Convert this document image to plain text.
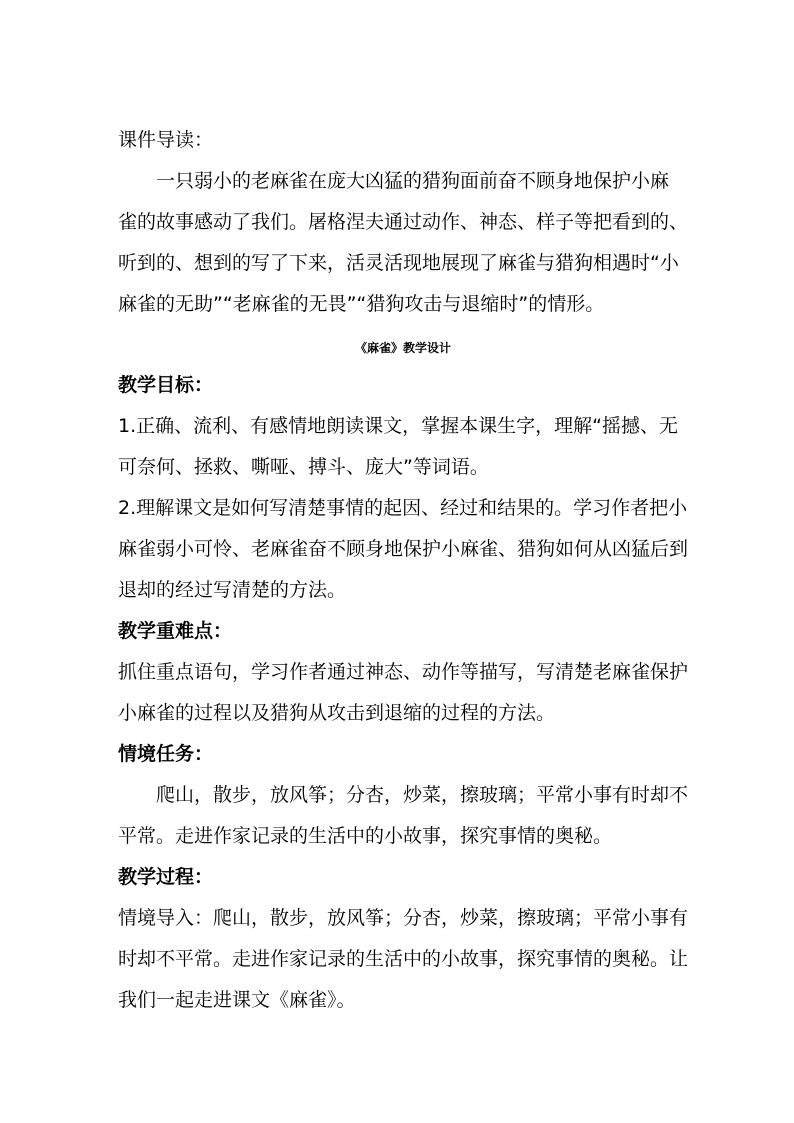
课件导读：
一只弱小的老麻雀在庞大凶猛的猎狗面前奋不顾身地保护小麻
雀的故事感动了我们。屠格涅夫通过动作、神态、样子等把看到的、
听到的、想到的写了下来，活灵活现地展现了麻雀与猎狗相遇时“小
麻雀的无助”“老麻雀的无畏”“猎狗攻击与退缩时”的情形。
《麻雀》教学设计
教学目标：
1.正确、流利、有感情地朗读课文，掌握本课生字，理解“摇撼、无
可奈何、拯救、嘶哑、搏斗、庞大”等词语。
2.理解课文是如何写清楚事情的起因、经过和结果的。学习作者把小
麻雀弱小可怜、老麻雀奋不顾身地保护小麻雀、猎狗如何从凶猛后到
退却的经过写清楚的方法。
教学重难点：
抓住重点语句，学习作者通过神态、动作等描写，写清楚老麻雀保护
小麻雀的过程以及猎狗从攻击到退缩的过程的方法。
情境任务：
爬山，散步，放风筝；分杏，炒菜，擦玻璃；平常小事有时却不
平常。走进作家记录的生活中的小故事，探究事情的奥秘。
教学过程：
情境导入：爬山，散步，放风筝；分杏，炒菜，擦玻璃；平常小事有
时却不平常。走进作家记录的生活中的小故事，探究事情的奥秘。让
我们一起走进课文《麻雀》。
